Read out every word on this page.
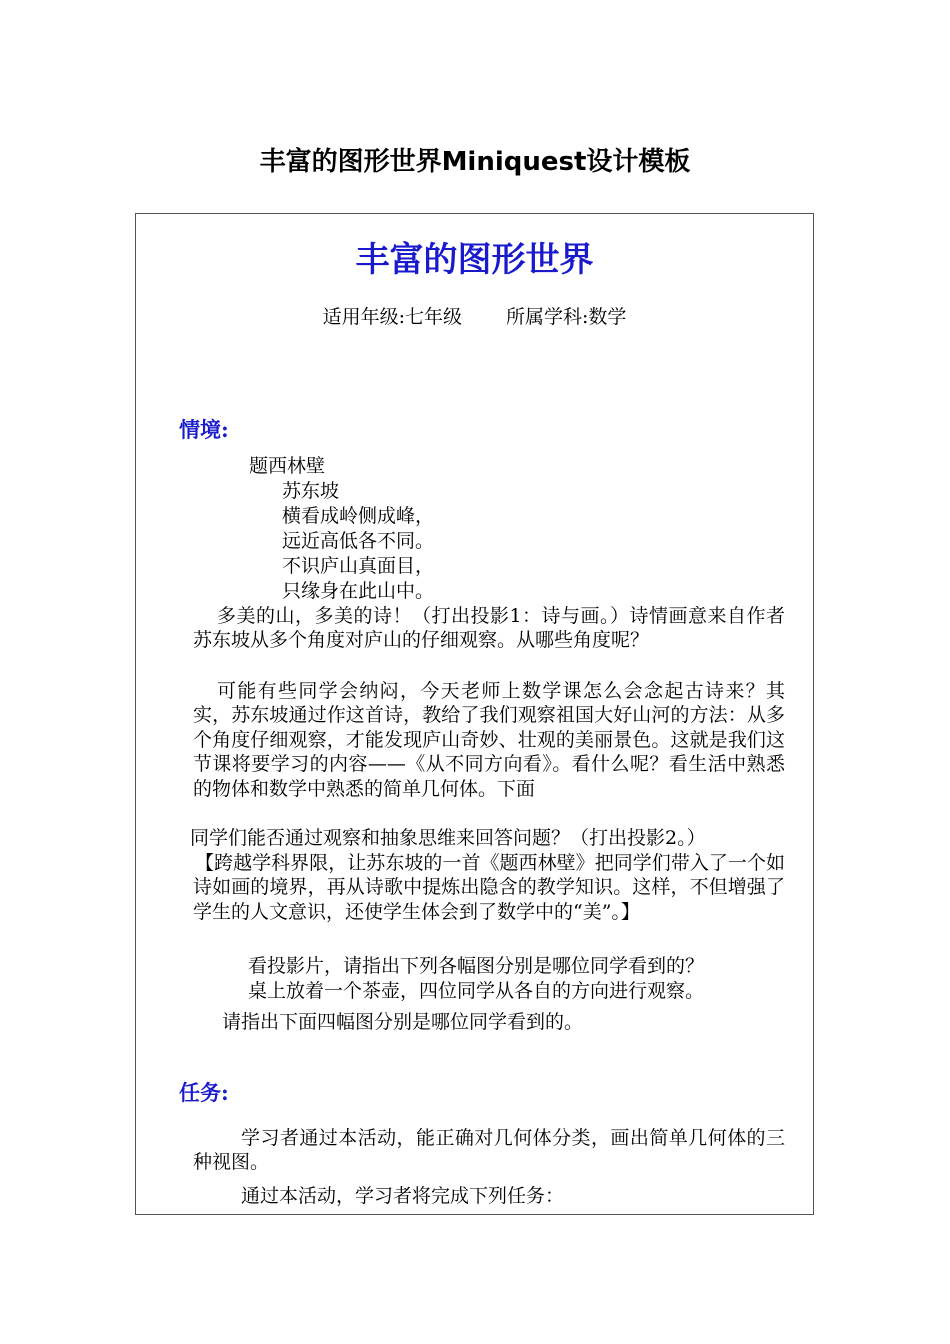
丰富的图形世界Miniquest设计模板
丰富的图形世界
适用年级:七年级 所属学科:数学
情境:
题西林壁
苏东坡
横看成岭侧成峰，
远近高低各不同。
不识庐山真面目，
只缘身在此山中。

多美的山，多美的诗！（打出投影1：诗与画。）诗情画意来自作者苏东坡从多个角度对庐山的仔细观察。从哪些角度呢？

可能有些同学会纳闷，今天老师上数学课怎么会念起古诗来？其实，苏东坡通过作这首诗，教给了我们观察祖国大好山河的方法：从多个角度仔细观察，才能发现庐山奇妙、壮观的美丽景色。这就是我们这节课将要学习的内容——《从不同方向看》。看什么呢？看生活中熟悉的物体和数学中熟悉的简单几何体。下面

同学们能否通过观察和抽象思维来回答问题？（打出投影2。）

【跨越学科界限，让苏东坡的一首《题西林壁》把同学们带入了一个如诗如画的境界，再从诗歌中提炼出隐含的教学知识。这样，不但增强了学生的人文意识，还使学生体会到了数学中的“美”。】

看投影片，请指出下列各幅图分别是哪位同学看到的？
桌上放着一个茶壶，四位同学从各自的方向进行观察。
请指出下面四幅图分别是哪位同学看到的。
任务:

学习者通过本活动，能正确对几何体分类，画出简单几何体的三种视图。

通过本活动，学习者将完成下列任务：
